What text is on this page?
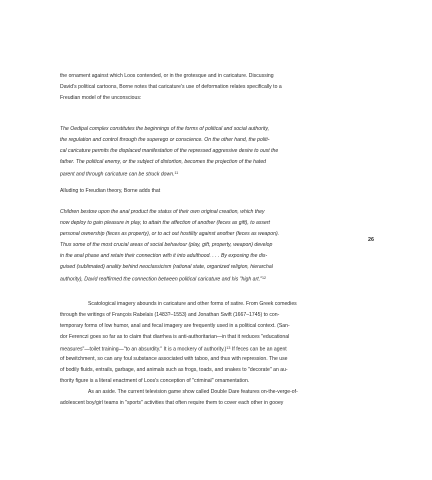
the ornament against which Loos contended, or in the grotesque and in caricature. Discussing
David's political cartoons, Borne notes that caricature's use of deformation relates specifically to a
Freudian model of the unconscious:
The Oedipal complex constitutes the beginnings of the forms of political and social authority,
the regulation and control through the superego or conscience. On the other hand, the politi-
cal caricature permits the displaced manifestation of the repressed aggressive desire to oust the
father. The political enemy, or the subject of distortion, becomes the projection of the hated
parent and through caricature can be struck down.$^{11}$
Alluding to Freudian theory, Borne adds that
Children bestow upon the anal product the status of their own original creation, which they
now deploy to gain pleasure in play, to attain the affection of another (feces as gift), to assert
personal ownership (feces as property), or to act out hostility against another (feces as weapon).
Thus some of the most crucial areas of social behaviour (play, gift, property, weapon) develop
in the anal phase and retain their connection with it into adulthood. . . . By exposing the dis-
guised (sublimated) anality behind neoclassicism (rational state, organized religion, hierarchal
authority), David reaffirmed the connection between political caricature and his "high art."$^{12}$
Scatological imagery abounds in caricature and other forms of satire. From Greek comedies
through the writings of François Rabelais (1483?–1553) and Jonathan Swift (1667–1745) to con-
temporary forms of low humor, anal and fecal imagery are frequently used in a political context. (San-
dor Ferenczi goes so far as to claim that diarrhea is anti-authoritarian—in that it reduces "educational
measures"—toilet training—"to an absurdity." It is a mockery of authority.)$^{13}$ If feces can be an agent
of bewitchment, so can any foul substance associated with taboo, and thus with repression. The use
of bodily fluids, entrails, garbage, and animals such as frogs, toads, and snakes to "decorate" an au-
thority figure is a literal enactment of Loos's conception of "criminal" ornamentation.
As an aside. The current television game show called Double Dare features on-the-verge-of-
adolescent boy/girl teams in "sports" activities that often require them to cover each other in gooey
26
